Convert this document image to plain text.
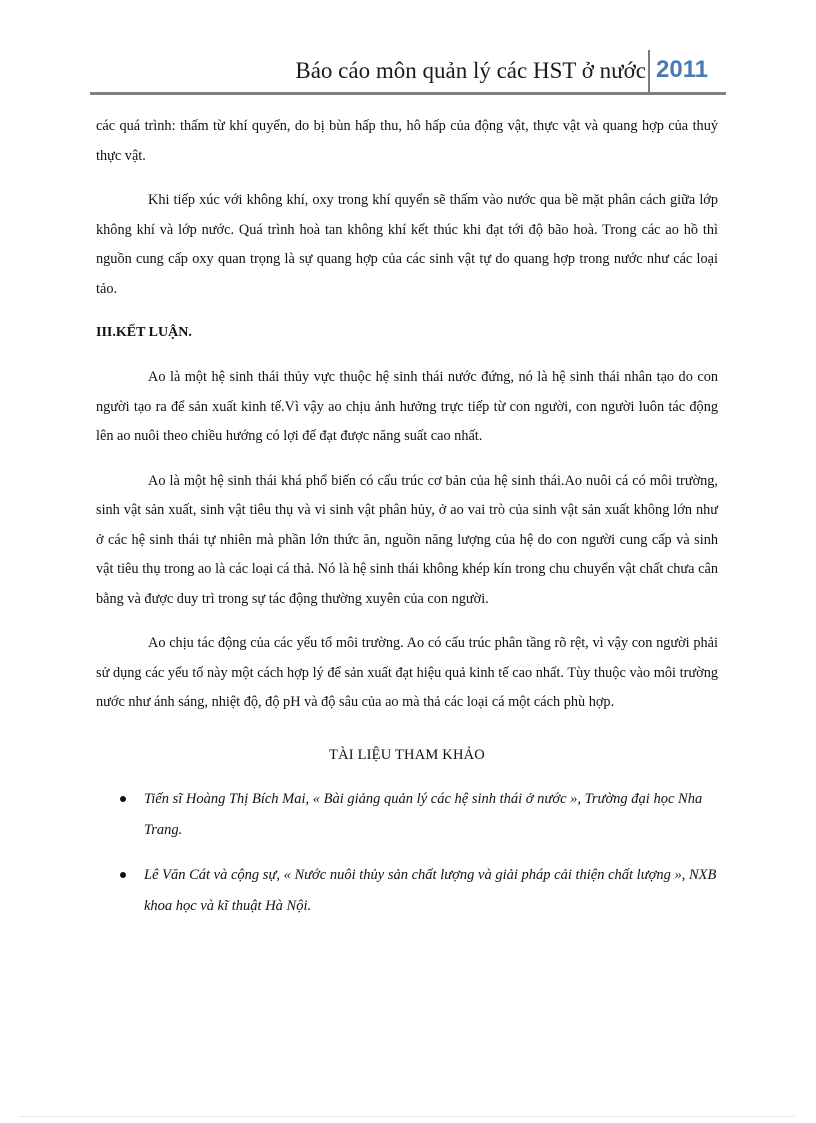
Báo cáo môn quản lý các HST ở nước 2011

các quá trình: thấm từ khí quyển, do bị bùn hấp thu, hô hấp của động vật, thực vật và quang hợp của thuỷ thực vật.

Khi tiếp xúc với không khí, oxy trong khí quyển sẽ thấm vào nước qua bề mặt phân cách giữa lớp không khí và lớp nước. Quá trình hoà tan không khí kết thúc khi đạt tới độ bão hoà. Trong các ao hồ thì nguồn cung cấp oxy quan trọng là sự quang hợp của các sinh vật tự do quang hợp trong nước như các loại tảo.

III.KẾT LUẬN.

Ao là một hệ sinh thái thủy vực thuộc hệ sinh thái nước đứng, nó là hệ sinh thái nhân tạo do con người tạo ra để sản xuất kinh tế.Vì vậy ao chịu ảnh hưởng trực tiếp từ con người, con người luôn tác động lên ao nuôi theo chiều hướng có lợi để đạt được năng suất cao nhất.

Ao là một hệ sinh thái khá phổ biến có cấu trúc cơ bản của hệ sinh thái.Ao nuôi cá có môi trường, sinh vật sản xuất, sinh vật tiêu thụ và vi sinh vật phân hủy, ở ao vai trò của sinh vật sản xuất không lớn như ở các hệ sinh thái tự nhiên mà phần lớn thức ăn, nguồn năng lượng của hệ do con người cung cấp và sinh vật tiêu thụ trong ao là các loại cá thả. Nó là hệ sinh thái không khép kín trong chu chuyển vật chất chưa cân bằng và được duy trì trong sự tác động thường xuyên của con người.

Ao chịu tác động của các yếu tố môi trường. Ao có cấu trúc phân tầng rõ rệt, vì vậy con người phải sử dụng các yếu tố này một cách hợp lý để sản xuất đạt hiệu quả kinh tế cao nhất. Tùy thuộc vào môi trường nước như ánh sáng, nhiệt độ, độ pH và độ sâu của ao mà thả các loại cá một cách phù hợp.

TÀI LIỆU THAM KHẢO

Tiến sĩ Hoàng Thị Bích Mai, « Bài giảng quản lý các hệ sinh thái ở nước », Trường đại học Nha Trang.
Lê Văn Cát và cộng sự, « Nước nuôi thủy sản chất lượng và giải pháp cải thiện chất lượng », NXB khoa học và kĩ thuật Hà Nội.
